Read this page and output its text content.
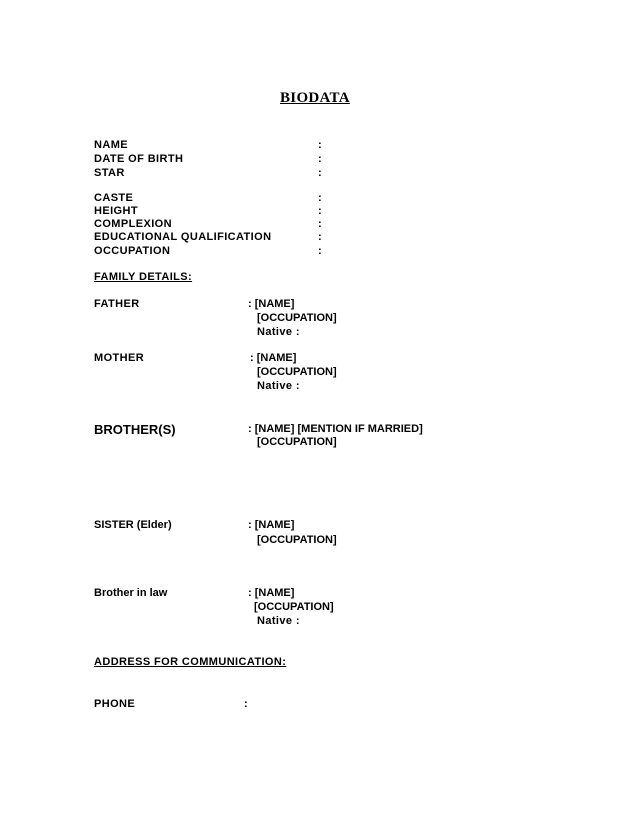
BIODATA
NAME	:
DATE OF BIRTH	:
STAR	:
CASTE	:
HEIGHT	:
COMPLEXION	:
EDUCATIONAL QUALIFICATION	:
OCCUPATION	:
FAMILY DETAILS:
FATHER	: [NAME]
[OCCUPATION]
Native :
MOTHER	: [NAME]
[OCCUPATION]
Native :
BROTHER(S)	: [NAME] [MENTION IF MARRIED]
[OCCUPATION]
SISTER (Elder)	: [NAME]
[OCCUPATION]
Brother in law	: [NAME]
[OCCUPATION]
Native :
ADDRESS FOR COMMUNICATION:
PHONE	:
